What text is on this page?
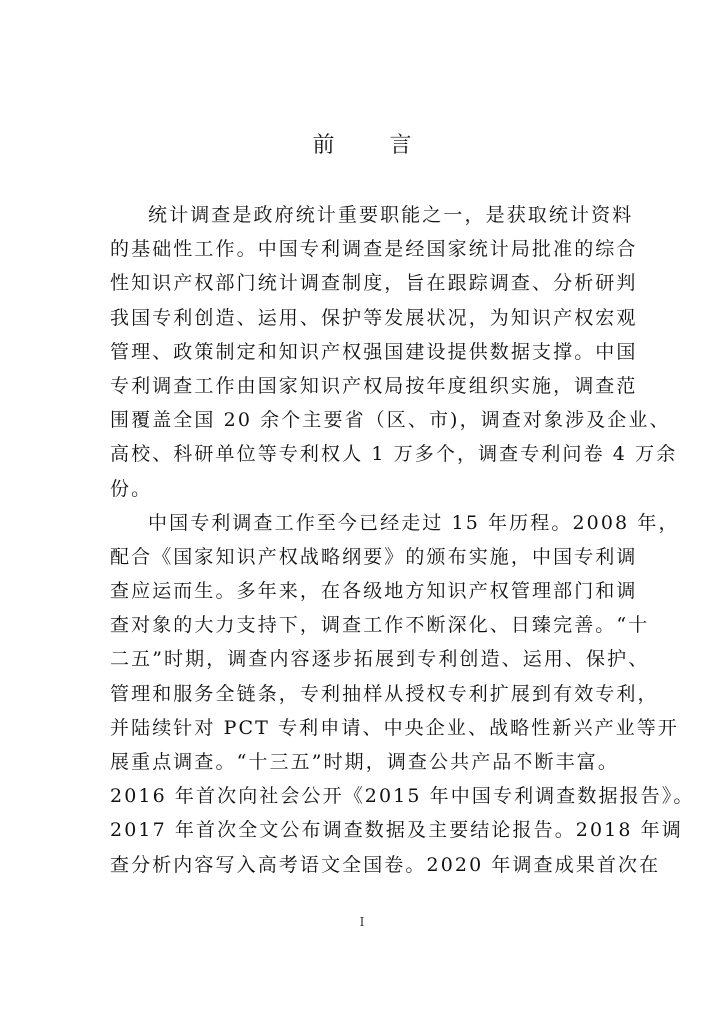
前 言

统计调查是政府统计重要职能之一，是获取统计资料

的基础性工作。中国专利调查是经国家统计局批准的综合

性知识产权部门统计调查制度，旨在跟踪调查、分析研判

我国专利创造、运用、保护等发展状况，为知识产权宏观

管理、政策制定和知识产权强国建设提供数据支撑。中国

专利调查工作由国家知识产权局按年度组织实施，调查范

围覆盖全国 20 余个主要省（区、市)，调查对象涉及企业、

高校、科研单位等专利权人 1 万多个，调查专利问卷 4 万余

份。

中国专利调查工作至今已经走过 15 年历程。2008 年，

配合《国家知识产权战略纲要》的颁布实施，中国专利调

查应运而生。多年来，在各级地方知识产权管理部门和调

查对象的大力支持下，调查工作不断深化、日臻完善。“十

二五”时期，调查内容逐步拓展到专利创造、运用、保护、

管理和服务全链条，专利抽样从授权专利扩展到有效专利，

并陆续针对 PCT 专利申请、中央企业、战略性新兴产业等开

展重点调查。“十三五”时期，调查公共产品不断丰富。

2016 年首次向社会公开《2015 年中国专利调查数据报告》。

2017 年首次全文公布调查数据及主要结论报告。2018 年调

查分析内容写入高考语文全国卷。2020 年调查成果首次在

I
